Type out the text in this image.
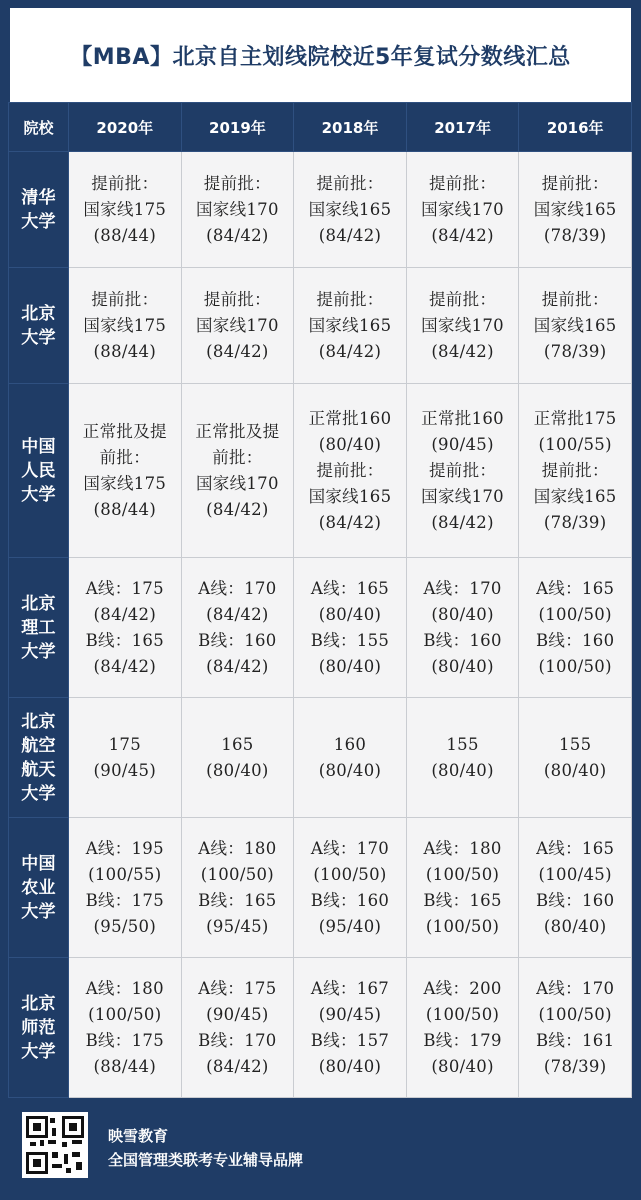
【MBA】北京自主划线院校近5年复试分数线汇总
院校	2020年	2019年	2018年	2017年	2016年
清华大学	提前批：
国家线175
(88/44)	提前批：
国家线170
(84/42)	提前批：
国家线165
(84/42)	提前批：
国家线170
(84/42)	提前批：
国家线165
(78/39)

北京大学	提前批：
国家线175
(88/44)	提前批：
国家线170
(84/42)	提前批：
国家线165
(84/42)	提前批：
国家线170
(84/42)	提前批：
国家线165
(78/39)

中国人民大学	正常批及提
前批：
国家线175
(88/44)	正常批及提
前批：
国家线170
(84/42)	正常批160
(80/40)
提前批：
国家线165
(84/42)	正常批160
(90/45)
提前批：
国家线170
(84/42)	正常批175
(100/55)
提前批：
国家线165
(78/39)

北京理工大学	A线：175
(84/42)
B线：165
(84/42)	A线：170
(84/42)
B线：160
(84/42)	A线：165
(80/40)
B线：155
(80/40)	A线：170
(80/40)
B线：160
(80/40)	A线：165
(100/50)
B线：160
(100/50)

北京航空航天大学	175
(90/45)	165
(80/40)	160
(80/40)	155
(80/40)	155
(80/40)

中国农业大学	A线：195
(100/55)
B线：175
(95/50)	A线：180
(100/50)
B线：165
(95/45)	A线：170
(100/50)
B线：160
(95/40)	A线：180
(100/50)
B线：165
(100/50)	A线：165
(100/45)
B线：160
(80/40)

北京师范大学	A线：180
(100/50)
B线：175
(88/44)	A线：175
(90/45)
B线：170
(84/42)	A线：167
(90/45)
B线：157
(80/40)	A线：200
(100/50)
B线：179
(80/40)	A线：170
(100/50)
B线：161
(78/39)
映雪教育
全国管理类联考专业辅导品牌
